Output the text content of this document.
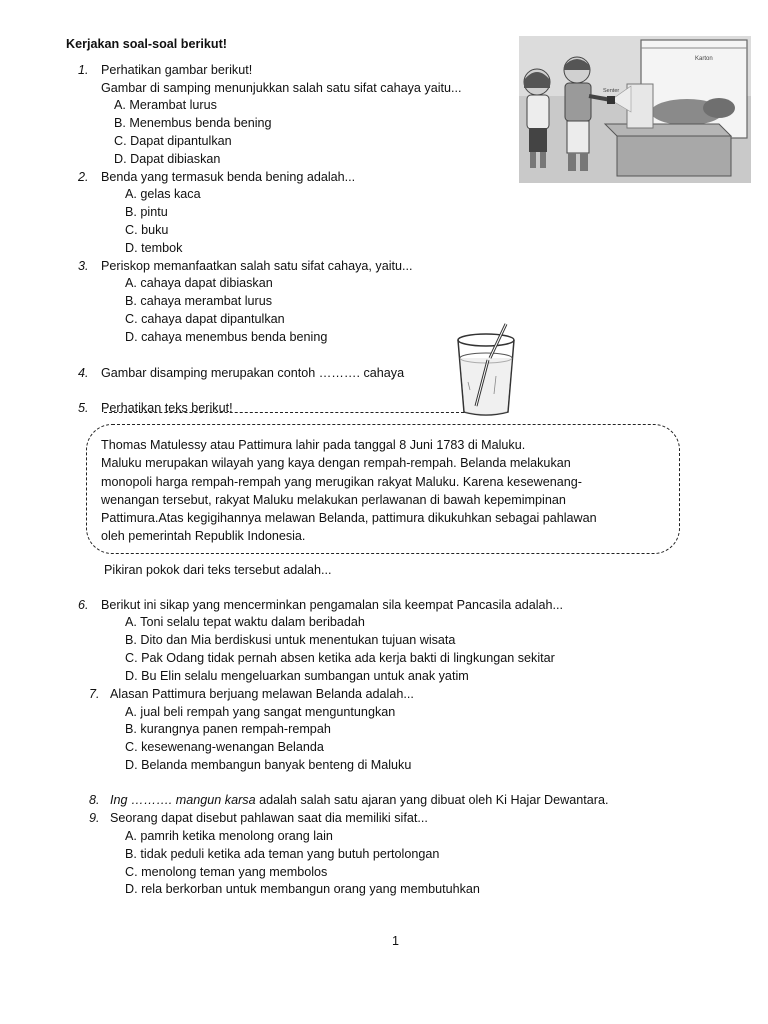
Kerjakan soal-soal berikut!
1. Perhatikan gambar berikut!
Gambar di samping menunjukkan salah satu sifat cahaya yaitu...
A. Merambat lurus
B. Menembus benda bening
C. Dapat dipantulkan
D. Dapat dibiaskan
Karton
Senter
2. Benda yang termasuk benda bening adalah...
A. gelas kaca
B. pintu
C. buku
D. tembok
3. Periskop memanfaatkan salah satu sifat cahaya, yaitu...
A. cahaya dapat dibiaskan
B. cahaya merambat lurus
C. cahaya dapat dipantulkan
D. cahaya menembus benda bening
4. Gambar disamping merupakan contoh ………. cahaya
5. Perhatikan teks berikut!
Thomas Matulessy atau Pattimura lahir pada tanggal 8 Juni 1783 di Maluku.
Maluku merupakan wilayah yang kaya dengan rempah-rempah. Belanda melakukan
monopoli harga rempah-rempah yang merugikan rakyat Maluku. Karena kesewenang-
wenangan tersebut, rakyat Maluku melakukan perlawanan di bawah kepemimpinan
Pattimura.Atas kegigihannya melawan Belanda, pattimura dikukuhkan sebagai pahlawan
oleh pemerintah Republik Indonesia.
Pikiran pokok dari teks tersebut adalah...
6. Berikut ini sikap yang mencerminkan pengamalan sila keempat Pancasila adalah...
A. Toni selalu tepat waktu dalam beribadah
B. Dito dan Mia berdiskusi untuk menentukan tujuan wisata
C. Pak Odang tidak pernah absen ketika ada kerja bakti di lingkungan sekitar
D. Bu Elin selalu mengeluarkan sumbangan untuk anak yatim
7. Alasan Pattimura berjuang melawan Belanda adalah...
A. jual beli rempah yang sangat menguntungkan
B. kurangnya panen rempah-rempah
C. kesewenang-wenangan Belanda
D. Belanda membangun banyak benteng di Maluku
8. Ing ………. mangun karsa adalah salah satu ajaran yang dibuat oleh Ki Hajar Dewantara.
9. Seorang dapat disebut pahlawan saat dia memiliki sifat...
A. pamrih ketika menolong orang lain
B. tidak peduli ketika ada teman yang butuh pertolongan
C. menolong teman yang membolos
D. rela berkorban untuk membangun orang yang membutuhkan
1
